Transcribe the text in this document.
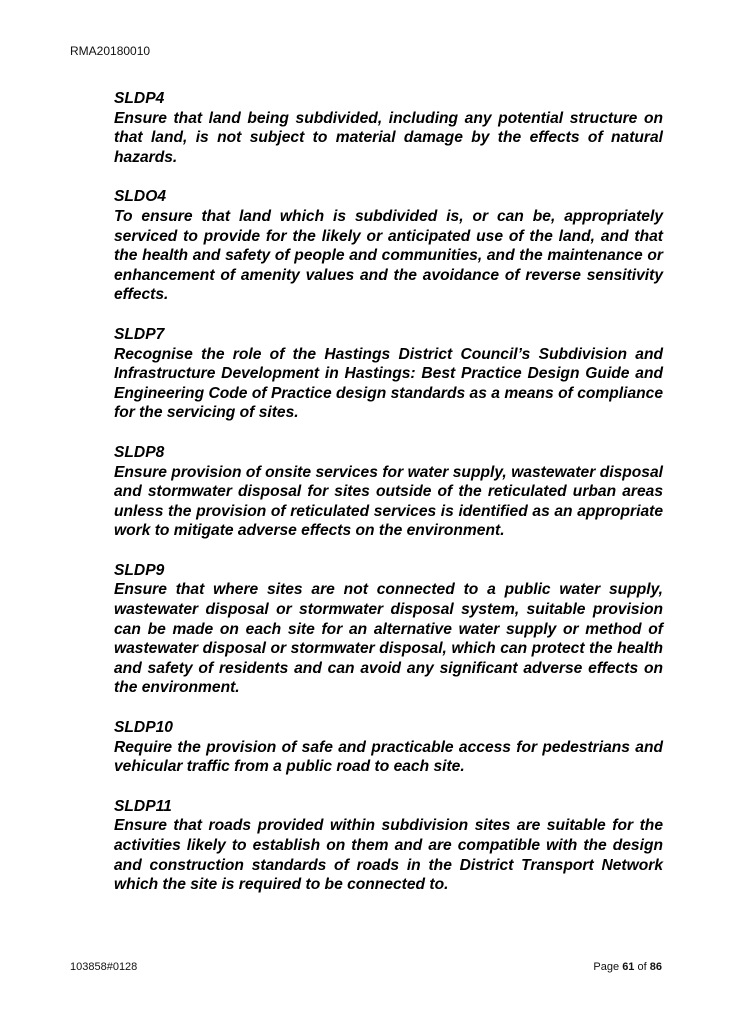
RMA20180010

SLDP4

Ensure that land being subdivided, including any potential structure on that land, is not subject to material damage by the effects of natural hazards.

SLDO4

To ensure that land which is subdivided is, or can be, appropriately serviced to provide for the likely or anticipated use of the land, and that the health and safety of people and communities, and the maintenance or enhancement of amenity values and the avoidance of reverse sensitivity effects.

SLDP7

Recognise the role of the Hastings District Council’s Subdivision and Infrastructure Development in Hastings: Best Practice Design Guide and Engineering Code of Practice design standards as a means of compliance for the servicing of sites.

SLDP8

Ensure provision of onsite services for water supply, wastewater disposal and stormwater disposal for sites outside of the reticulated urban areas unless the provision of reticulated services is identified as an appropriate work to mitigate adverse effects on the environment.

SLDP9

Ensure that where sites are not connected to a public water supply, wastewater disposal or stormwater disposal system, suitable provision can be made on each site for an alternative water supply or method of wastewater disposal or stormwater disposal, which can protect the health and safety of residents and can avoid any significant adverse effects on the environment.

SLDP10

Require the provision of safe and practicable access for pedestrians and vehicular traffic from a public road to each site.

SLDP11

Ensure that roads provided within subdivision sites are suitable for the activities likely to establish on them and are compatible with the design and construction standards of roads in the District Transport Network which the site is required to be connected to.

103858#0128	Page 61 of 86
